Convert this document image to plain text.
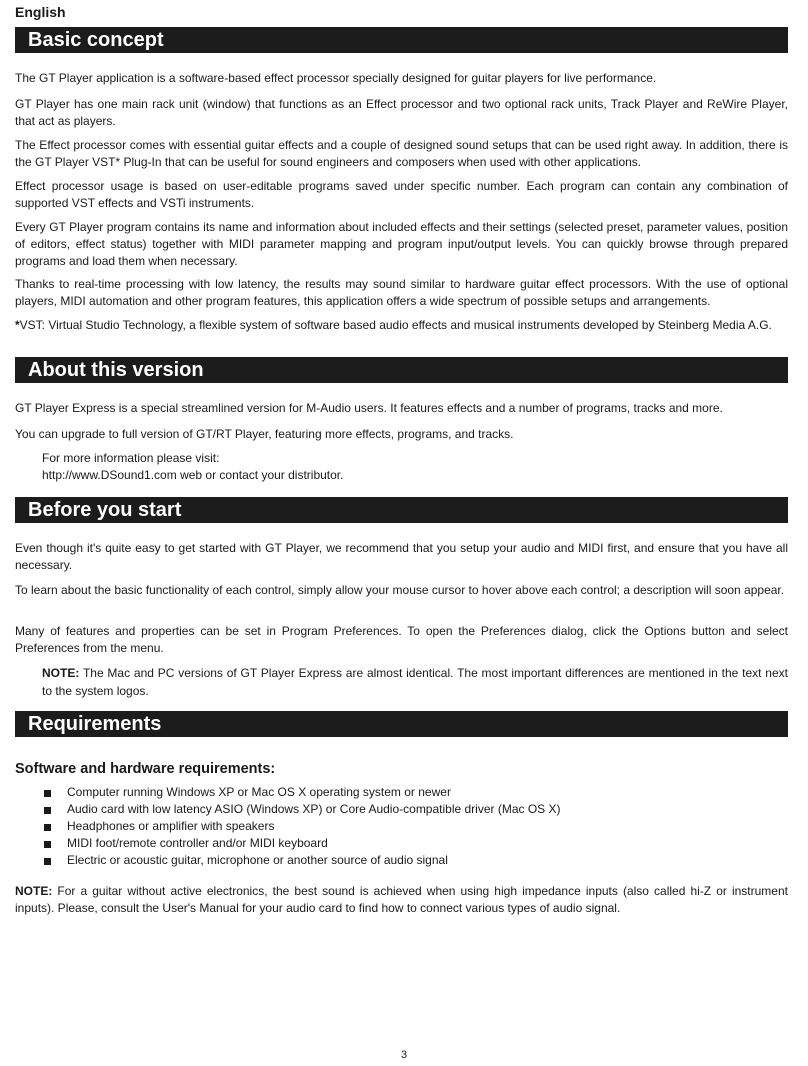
English
Basic concept

The GT Player application is a software-based effect processor specially designed for guitar players for live performance.

GT Player has one main rack unit (window) that functions as an Effect processor and two optional rack units, Track Player and ReWire Player, that act as players.

The Effect processor comes with essential guitar effects and a couple of designed sound setups that can be used right away. In addition, there is the GT Player VST* Plug-In that can be useful for sound engineers and composers when used with other applications.

Effect processor usage is based on user-editable programs saved under specific number. Each program can contain any combination of supported VST effects and VSTi instruments.

Every GT Player program contains its name and information about included effects and their settings (selected preset, parameter values, position of editors, effect status) together with MIDI parameter mapping and program input/output levels. You can quickly browse through prepared programs and load them when necessary.

Thanks to real-time processing with low latency, the results may sound similar to hardware guitar effect processors. With the use of optional players, MIDI automation and other program features, this application offers a wide spectrum of possible setups and arrangements.

*VST: Virtual Studio Technology, a flexible system of software based audio effects and musical instruments developed by Steinberg Media A.G.

About this version

GT Player Express is a special streamlined version for M-Audio users. It features effects and a number of programs, tracks and more.

You can upgrade to full version of GT/RT Player, featuring more effects, programs, and tracks.

For more information please visit:

http://www.DSound1.com web or contact your distributor.

Before you start

Even though it's quite easy to get started with GT Player, we recommend that you setup your audio and MIDI first, and ensure that you have all necessary.

To learn about the basic functionality of each control, simply allow your mouse cursor to hover above each control; a description will soon appear.

Many of features and properties can be set in Program Preferences. To open the Preferences dialog, click the Options button and select Preferences from the menu.

NOTE: The Mac and PC versions of GT Player Express are almost identical. The most important differences are mentioned in the text next to the system logos.

Requirements

Software and hardware requirements:

Computer running Windows XP or Mac OS X operating system or newer
Audio card with low latency ASIO (Windows XP) or Core Audio-compatible driver (Mac OS X)
Headphones or amplifier with speakers
MIDI foot/remote controller and/or MIDI keyboard
Electric or acoustic guitar, microphone or another source of audio signal

NOTE: For a guitar without active electronics, the best sound is achieved when using high impedance inputs (also called hi-Z or instrument inputs). Please, consult the User's Manual for your audio card to find how to connect various types of audio signal.

3
